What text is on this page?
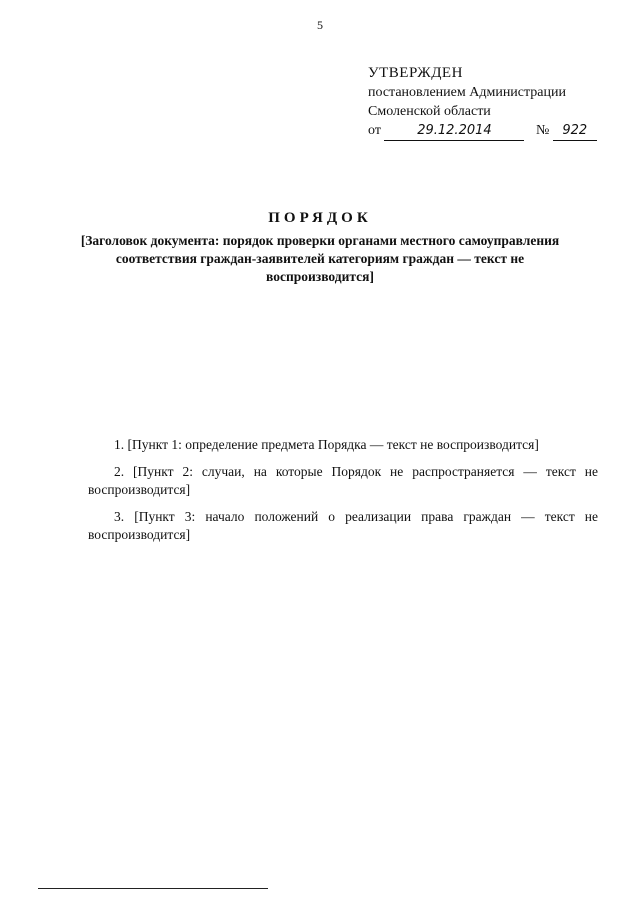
5
УТВЕРЖДЕН
постановлением Администрации
Смоленской области
от	29.12.2014	№ 922
ПОРЯДОК
[Заголовок документа: порядок проверки органами местного самоуправления соответствия граждан-заявителей категориям граждан — текст не воспроизводится]

1. [Пункт 1: определение предмета Порядка — текст не воспроизводится]

2. [Пункт 2: случаи, на которые Порядок не распространяется — текст не воспроизводится]

3. [Пункт 3: начало положений о реализации права граждан — текст не воспроизводится]
